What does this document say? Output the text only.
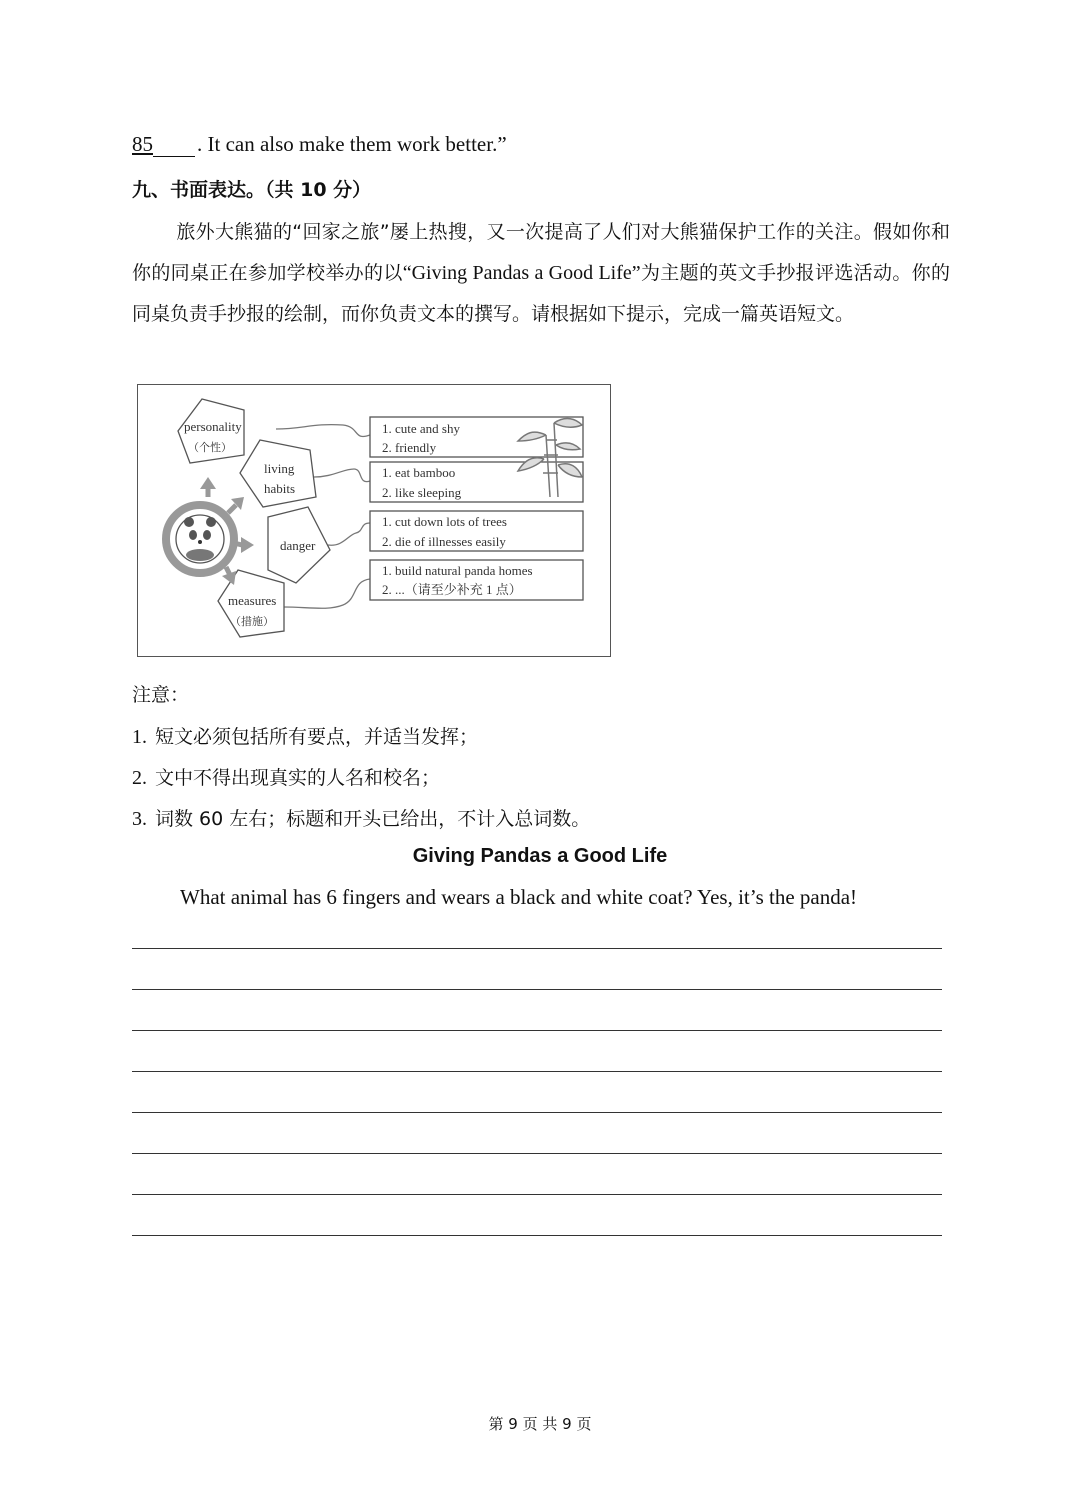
85 . It can also make them work better.”
九、书面表达。（共 10 分）
旅外大熊猫的“回家之旅”屡上热搜，又一次提高了人们对大熊猫保护工作的关注。假如你和你的同桌正在参加学校举办的以“Giving Pandas a Good Life”为主题的英文手抄报评选活动。你的同桌负责手抄报的绘制，而你负责文本的撰写。请根据如下提示，完成一篇英语短文。
personality
（个性）
living
habits
danger
measures
（措施）
1. cute and shy
2. friendly
1. eat bamboo
2. like sleeping
1. cut down lots of trees
2. die of illnesses easily
1. build natural panda homes
2. ...（请至少补充 1 点）
注意：
1. 短文必须包括所有要点，并适当发挥；
2. 文中不得出现真实的人名和校名；
3. 词数 60 左右；标题和开头已给出，不计入总词数。
Giving Pandas a Good Life
What animal has 6 fingers and wears a black and white coat? Yes, it’s the panda!
第 9 页 共 9 页
